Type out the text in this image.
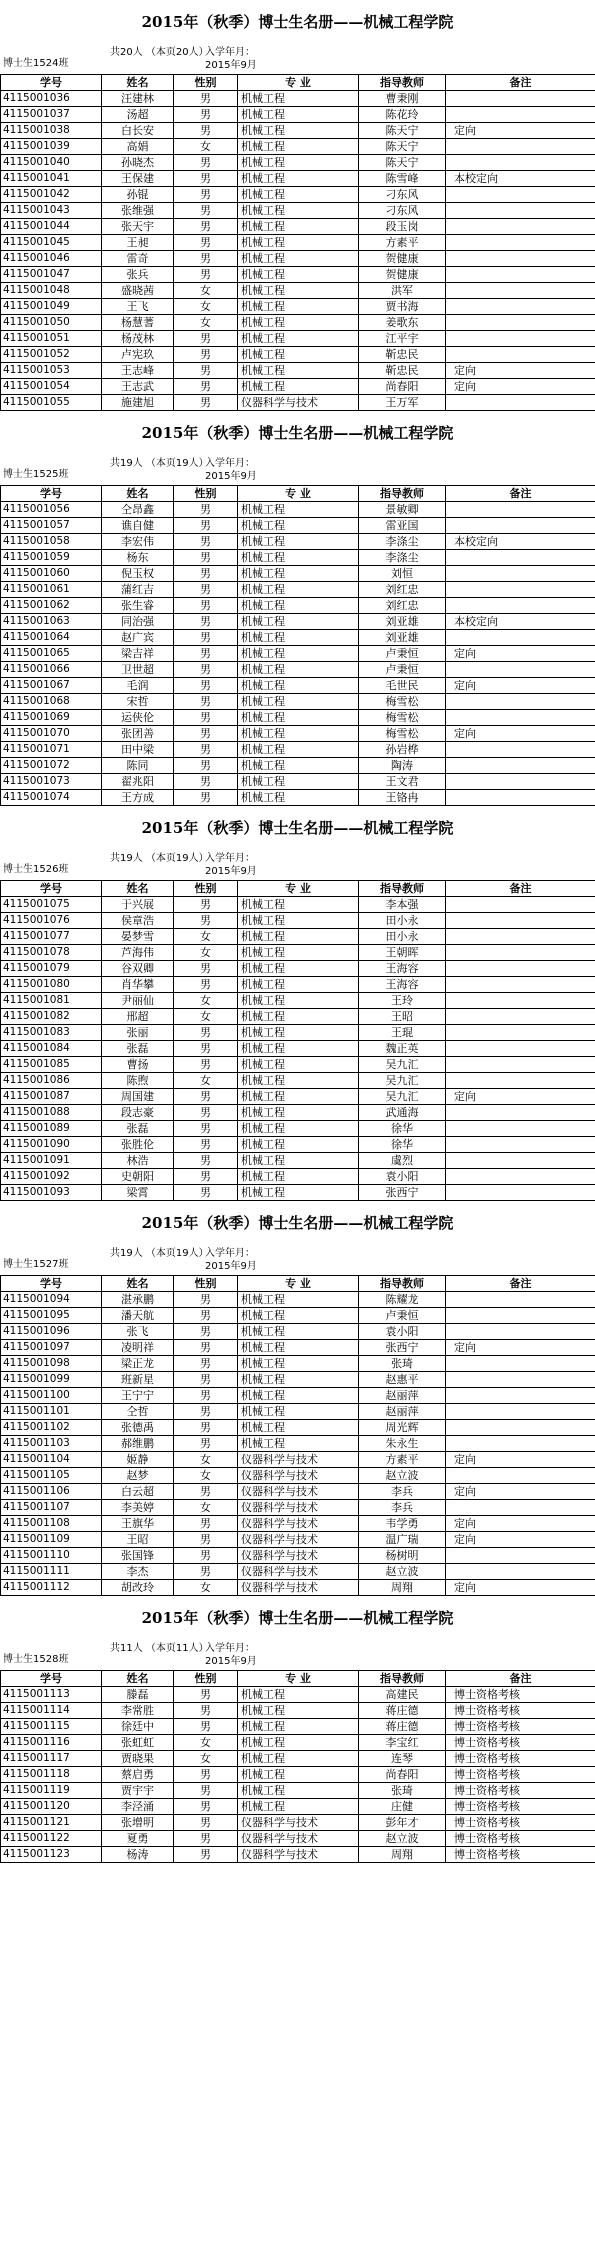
2015年（秋季）博士生名册——机械工程学院
博士生1524班
共20人 （本页20人）
入学年月：2015年9月
学号	姓名	性别	专 业	指导教师	备注
4115001036	汪建林	男	机械工程	曹秉刚	
4115001037	汤超	男	机械工程	陈花玲	
4115001038	白长安	男	机械工程	陈天宁	定向
4115001039	高娟	女	机械工程	陈天宁	
4115001040	孙晓杰	男	机械工程	陈天宁	
4115001041	王保建	男	机械工程	陈雪峰	本校定向
4115001042	孙锟	男	机械工程	刁东风	
4115001043	张维强	男	机械工程	刁东风	
4115001044	张天宇	男	机械工程	段玉岗	
4115001045	王昶	男	机械工程	方素平	
4115001046	雷奇	男	机械工程	贺健康	
4115001047	张兵	男	机械工程	贺健康	
4115001048	盛晓茜	女	机械工程	洪军	
4115001049	王飞	女	机械工程	贾书海	
4115001050	杨慧蓍	女	机械工程	姜歌东	
4115001051	杨茂林	男	机械工程	江平宇	
4115001052	卢宪玖	男	机械工程	靳忠民	
4115001053	王志峰	男	机械工程	靳忠民	定向
4115001054	王志武	男	机械工程	尚春阳	定向
4115001055	施建旭	男	仪器科学与技术	王万军	
2015年（秋季）博士生名册——机械工程学院
博士生1525班
共19人 （本页19人）
入学年月：2015年9月
学号	姓名	性别	专 业	指导教师	备注
4115001056	仝昂鑫	男	机械工程	景敏卿	
4115001057	谯自健	男	机械工程	雷亚国	
4115001058	李宏伟	男	机械工程	李涤尘	本校定向
4115001059	杨东	男	机械工程	李涤尘	
4115001060	倪玉权	男	机械工程	刘恒	
4115001061	蒲红吉	男	机械工程	刘红忠	
4115001062	张生睿	男	机械工程	刘红忠	
4115001063	同治强	男	机械工程	刘亚雄	本校定向
4115001064	赵广宾	男	机械工程	刘亚雄	
4115001065	梁吉祥	男	机械工程	卢秉恒	定向
4115001066	卫世超	男	机械工程	卢秉恒	
4115001067	毛润	男	机械工程	毛世民	定向
4115001068	宋哲	男	机械工程	梅雪松	
4115001069	运侠伦	男	机械工程	梅雪松	
4115001070	张团善	男	机械工程	梅雪松	定向
4115001071	田中梁	男	机械工程	孙岩桦	
4115001072	陈同	男	机械工程	陶涛	
4115001073	翟兆阳	男	机械工程	王文君	
4115001074	王方成	男	机械工程	王铬冉	
2015年（秋季）博士生名册——机械工程学院
博士生1526班
共19人 （本页19人）
入学年月：2015年9月
学号	姓名	性别	专 业	指导教师	备注
4115001075	于兴展	男	机械工程	李本强	
4115001076	侯章浩	男	机械工程	田小永	
4115001077	晏梦雪	女	机械工程	田小永	
4115001078	芦海伟	女	机械工程	王朝晖	
4115001079	谷双卿	男	机械工程	王海容	
4115001080	肖华攀	男	机械工程	王海容	
4115001081	尹丽仙	女	机械工程	王玲	
4115001082	邢超	女	机械工程	王昭	
4115001083	张丽	男	机械工程	王琨	
4115001084	张磊	男	机械工程	魏正英	
4115001085	曹扬	男	机械工程	吴九汇	
4115001086	陈煦	女	机械工程	吴九汇	
4115001087	周国建	男	机械工程	吴九汇	定向
4115001088	段志豪	男	机械工程	武通海	
4115001089	张磊	男	机械工程	徐华	
4115001090	张胜伦	男	机械工程	徐华	
4115001091	林浩	男	机械工程	虞烈	
4115001092	史朝阳	男	机械工程	袁小阳	
4115001093	梁霄	男	机械工程	张西宁	
2015年（秋季）博士生名册——机械工程学院
博士生1527班
共19人 （本页19人）
入学年月：2015年9月
学号	姓名	性别	专 业	指导教师	备注
4115001094	湛承鹏	男	机械工程	陈耀龙	
4115001095	潘天航	男	机械工程	卢秉恒	
4115001096	张飞	男	机械工程	袁小阳	
4115001097	凌明祥	男	机械工程	张西宁	定向
4115001098	梁正龙	男	机械工程	张琦	
4115001099	班新星	男	机械工程	赵惠平	
4115001100	王宁宁	男	机械工程	赵丽萍	
4115001101	仝哲	男	机械工程	赵丽萍	
4115001102	张德禹	男	机械工程	周光辉	
4115001103	郝维鹏	男	机械工程	朱永生	
4115001104	姬静	女	仪器科学与技术	方素平	定向
4115001105	赵梦	女	仪器科学与技术	赵立波	
4115001106	白云超	男	仪器科学与技术	李兵	定向
4115001107	李美婷	女	仪器科学与技术	李兵	
4115001108	王旗华	男	仪器科学与技术	韦学勇	定向
4115001109	王昭	男	仪器科学与技术	温广瑞	定向
4115001110	张国锋	男	仪器科学与技术	杨树明	
4115001111	李杰	男	仪器科学与技术	赵立波	
4115001112	胡改玲	女	仪器科学与技术	周翔	定向
2015年（秋季）博士生名册——机械工程学院
博士生1528班
共11人 （本页11人）
入学年月：2015年9月
学号	姓名	性别	专 业	指导教师	备注
4115001113	滕磊	男	机械工程	高建民	博士资格考核
4115001114	李常胜	男	机械工程	蒋庄德	博士资格考核
4115001115	徐廷中	男	机械工程	蒋庄德	博士资格考核
4115001116	张虹虹	女	机械工程	李宝红	博士资格考核
4115001117	贾晓果	女	机械工程	连琴	博士资格考核
4115001118	蔡启勇	男	机械工程	尚春阳	博士资格考核
4115001119	贾宇宇	男	机械工程	张琦	博士资格考核
4115001120	李泾涌	男	机械工程	庄健	博士资格考核
4115001121	张增明	男	仪器科学与技术	彭年才	博士资格考核
4115001122	夏勇	男	仪器科学与技术	赵立波	博士资格考核
4115001123	杨涛	男	仪器科学与技术	周翔	博士资格考核
